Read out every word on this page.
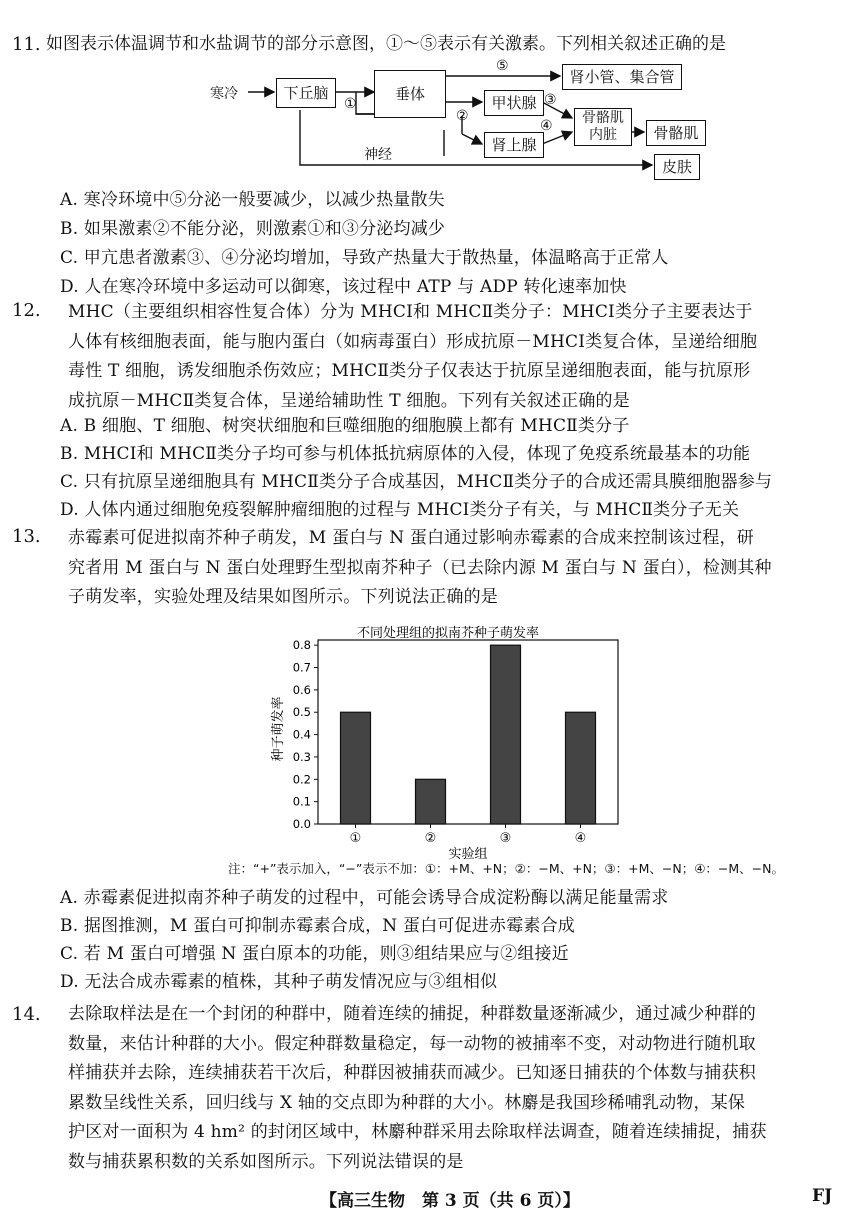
11. 如图表示体温调节和水盐调节的部分示意图，①～⑤表示有关激素。下列相关叙述正确的是
寒冷	下丘脑
①
垂体
⑤
肾小管、集合管
甲状腺 ③
②
肾上腺
④	骨骼肌
内脏	骨骼肌
神经
皮肤
A. 寒冷环境中⑤分泌一般要减少，以减少热量散失
B. 如果激素②不能分泌，则激素①和③分泌均减少
C. 甲亢患者激素③、④分泌均增加，导致产热量大于散热量，体温略高于正常人
D. 人在寒冷环境中多运动可以御寒，该过程中 ATP 与 ADP 转化速率加快
12. MHC（主要组织相容性复合体）分为 MHCⅠ和 MHCⅡ类分子：MHCⅠ类分子主要表达于
人体有核细胞表面，能与胞内蛋白（如病毒蛋白）形成抗原－MHCⅠ类复合体，呈递给细胞
毒性 T 细胞，诱发细胞杀伤效应；MHCⅡ类分子仅表达于抗原呈递细胞表面，能与抗原形
成抗原－MHCⅡ类复合体，呈递给辅助性 T 细胞。下列有关叙述正确的是
A. B 细胞、T 细胞、树突状细胞和巨噬细胞的细胞膜上都有 MHCⅡ类分子
B. MHCⅠ和 MHCⅡ类分子均可参与机体抵抗病原体的入侵，体现了免疫系统最基本的功能
C. 只有抗原呈递细胞具有 MHCⅡ类分子合成基因，MHCⅡ类分子的合成还需具膜细胞器参与
D. 人体内通过细胞免疫裂解肿瘤细胞的过程与 MHCⅠ类分子有关，与 MHCⅡ类分子无关
13. 赤霉素可促进拟南芥种子萌发，M 蛋白与 N 蛋白通过影响赤霉素的合成来控制该过程，研
究者用 M 蛋白与 N 蛋白处理野生型拟南芥种子（已去除内源 M 蛋白与 N 蛋白），检测其种
子萌发率，实验处理及结果如图所示。下列说法正确的是
不同处理组的拟南芥种子萌发率
0.0
0.1
0.2
0.3
0.4
0.5
0.6
0.7
0.8
①	②	③	④
实验组
种子萌发率
注：“+”表示加入，“−”表示不加：①：+M、+N；②：−M、+N；③：+M、−N；④：−M、−N。
A. 赤霉素促进拟南芥种子萌发的过程中，可能会诱导合成淀粉酶以满足能量需求
B. 据图推测，M 蛋白可抑制赤霉素合成，N 蛋白可促进赤霉素合成
C. 若 M 蛋白可增强 N 蛋白原本的功能，则③组结果应与②组接近
D. 无法合成赤霉素的植株，其种子萌发情况应与③组相似
14. 去除取样法是在一个封闭的种群中，随着连续的捕捉，种群数量逐渐减少，通过减少种群的
数量，来估计种群的大小。假定种群数量稳定，每一动物的被捕率不变，对动物进行随机取
样捕获并去除，连续捕获若干次后，种群因被捕获而减少。已知逐日捕获的个体数与捕获积
累数呈线性关系，回归线与 X 轴的交点即为种群的大小。林麝是我国珍稀哺乳动物，某保
护区对一面积为 4 hm² 的封闭区域中，林麝种群采用去除取样法调查，随着连续捕捉，捕获
数与捕获累积数的关系如图所示。下列说法错误的是
【高三生物　第 3 页（共 6 页）】	FJ
